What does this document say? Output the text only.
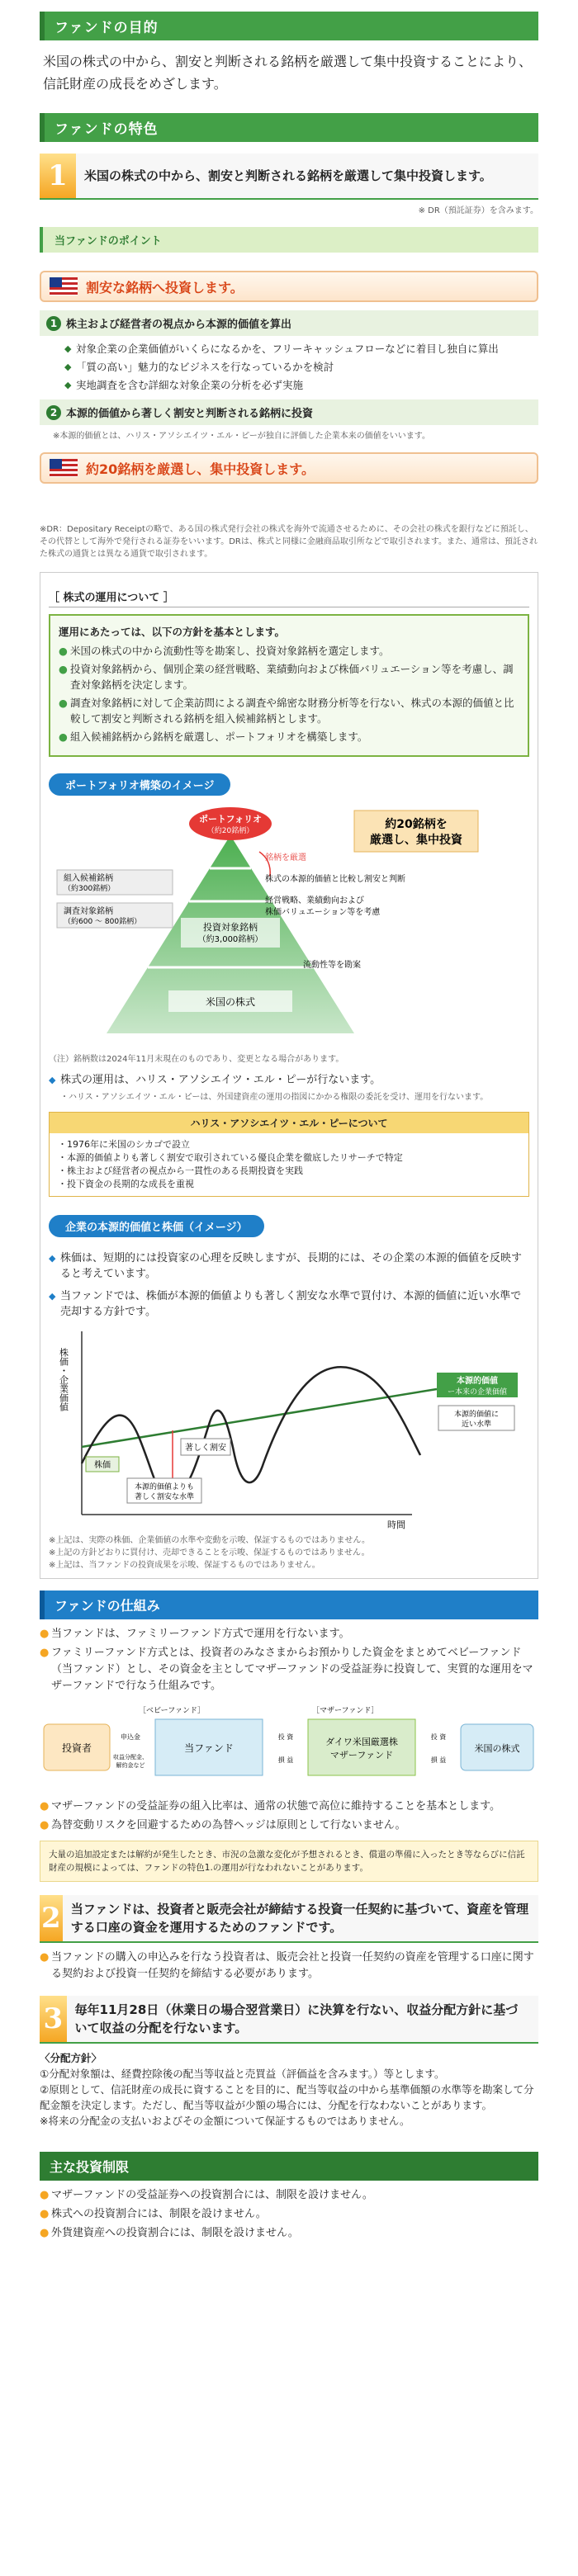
ファンドの目的

米国の株式の中から、割安と判断される銘柄を厳選して集中投資することにより、信託財産の成長をめざします。

ファンドの特色
1	米国の株式の中から、割安と判断される銘柄を厳選して集中投資します。
※ DR（預託証券）を含みます。
当ファンドのポイント
割安な銘柄へ投資します。
1 株主および経営者の視点から本源的価値を算出
◆ 対象企業の企業価値がいくらになるかを、フリーキャッシュフローなどに着目し独自に算出
◆ 「質の高い」魅力的なビジネスを行なっているかを検討
◆ 実地調査を含む詳細な対象企業の分析を必ず実施
2 本源的価値から著しく割安と判断される銘柄に投資

※本源的価値とは、ハリス・アソシエイツ・エル・ピーが独自に評価した企業本来の価値をいいます。

約20銘柄を厳選し、集中投資します。

※DR：Depositary Receiptの略で、ある国の株式発行会社の株式を海外で流通させるために、その会社の株式を銀行などに預託し、その代替として海外で発行される証券をいいます。DRは、株式と同様に金融商品取引所などで取引されます。また、通常は、預託された株式の通貨とは異なる通貨で取引されます。

［ 株式の運用について ］
運用にあたっては、以下の方針を基本とします。

● 米国の株式の中から流動性等を勘案し、投資対象銘柄を選定します。

● 投資対象銘柄から、個別企業の経営戦略、業績動向および株価バリュエーション等を考慮し、調査対象銘柄を決定します。

● 調査対象銘柄に対して企業訪問による調査や綿密な財務分析等を行ない、株式の本源的価値と比較して割安と判断される銘柄を組入候補銘柄とします。

● 組入候補銘柄から銘柄を厳選し、ポートフォリオを構築します。

ポートフォリオ構築のイメージ
ポートフォリオ
（約20銘柄）	約20銘柄を
厳選し、集中投資
銘柄を厳選
組入候補銘柄
（約300銘柄）
調査対象銘柄
（約600 ～ 800銘柄）	投資対象銘柄
（約3,000銘柄）
米国の株式
株式の本源的価値と比較し割安と判断
経営戦略、業績動向および
株価バリュエーション等を考慮
流動性等を勘案

（注）銘柄数は2024年11月末現在のものであり、変更となる場合があります。

◆ 株式の運用は、ハリス・アソシエイツ・エル・ピーが行ないます。

・ハリス・アソシエイツ・エル・ピーは、外国建資産の運用の指図にかかる権限の委託を受け、運用を行ないます。

ハリス・アソシエイツ・エル・ピーについて
・1976年に米国のシカゴで設立
・本源的価値よりも著しく割安で取引されている優良企業を徹底したリサーチで特定
・株主および経営者の視点から一貫性のある長期投資を実践
・投下資金の長期的な成長を重視
企業の本源的価値と株価（イメージ）
◆ 株価は、短期的には投資家の心理を反映しますが、長期的には、その企業の本源的価値を反映すると考えています。
◆ 当ファンドでは、株価が本源的価値よりも著しく割安な水準で買付け、本源的価値に近い水準で売却する方針です。
株価・企業価値
時間
著しく割安
株価
本源的価値よりも
著しく割安な水準
本源的価値
ー本来の企業価値
本源的価値に
近い水準

※上記は、実際の株価、企業価値の水準や変動を示唆、保証するものではありません。

※上記の方針どおりに買付け、売却できることを示唆、保証するものではありません。

※上記は、当ファンドの投資成果を示唆、保証するものではありません。

ファンドの仕組み
● 当ファンドは、ファミリーファンド方式で運用を行ないます。
● ファミリーファンド方式とは、投資者のみなさまからお預かりした資金をまとめてベビーファンド（当ファンド）とし、その資金を主としてマザーファンドの受益証券に投資して、実質的な運用をマザーファンドで行なう仕組みです。
投資者
［ベビーファンド］
申込金
収益分配金、
解約金など
当ファンド
投 資
損 益
［マザーファンド］
ダイワ米国厳選株
マザーファンド
投 資
損 益
米国の株式
● マザーファンドの受益証券の組入比率は、通常の状態で高位に維持することを基本とします。
● 為替変動リスクを回避するための為替ヘッジは原則として行ないません。
大量の追加設定または解約が発生したとき、市況の急激な変化が予想されるとき、償還の準備に入ったとき等ならびに信託財産の規模によっては、ファンドの特色1.の運用が行なわれないことがあります。
2 当ファンドは、投資者と販売会社が締結する投資一任契約に基づいて、資産を管理する口座の資金を運用するためのファンドです。
● 当ファンドの購入の申込みを行なう投資者は、販売会社と投資一任契約の資産を管理する口座に関する契約および投資一任契約を締結する必要があります。
3 毎年11月28日（休業日の場合翌営業日）に決算を行ない、収益分配方針に基づいて収益の分配を行ないます。

〈分配方針〉

①分配対象額は、経費控除後の配当等収益と売買益（評価益を含みます。）等とします。

②原則として、信託財産の成長に資することを目的に、配当等収益の中から基準価額の水準等を勘案して分配金額を決定します。ただし、配当等収益が少額の場合には、分配を行なわないことがあります。

※将来の分配金の支払いおよびその金額について保証するものではありません。

主な投資制限
● マザーファンドの受益証券への投資割合には、制限を設けません。
● 株式への投資割合には、制限を設けません。
● 外貨建資産への投資割合には、制限を設けません。
